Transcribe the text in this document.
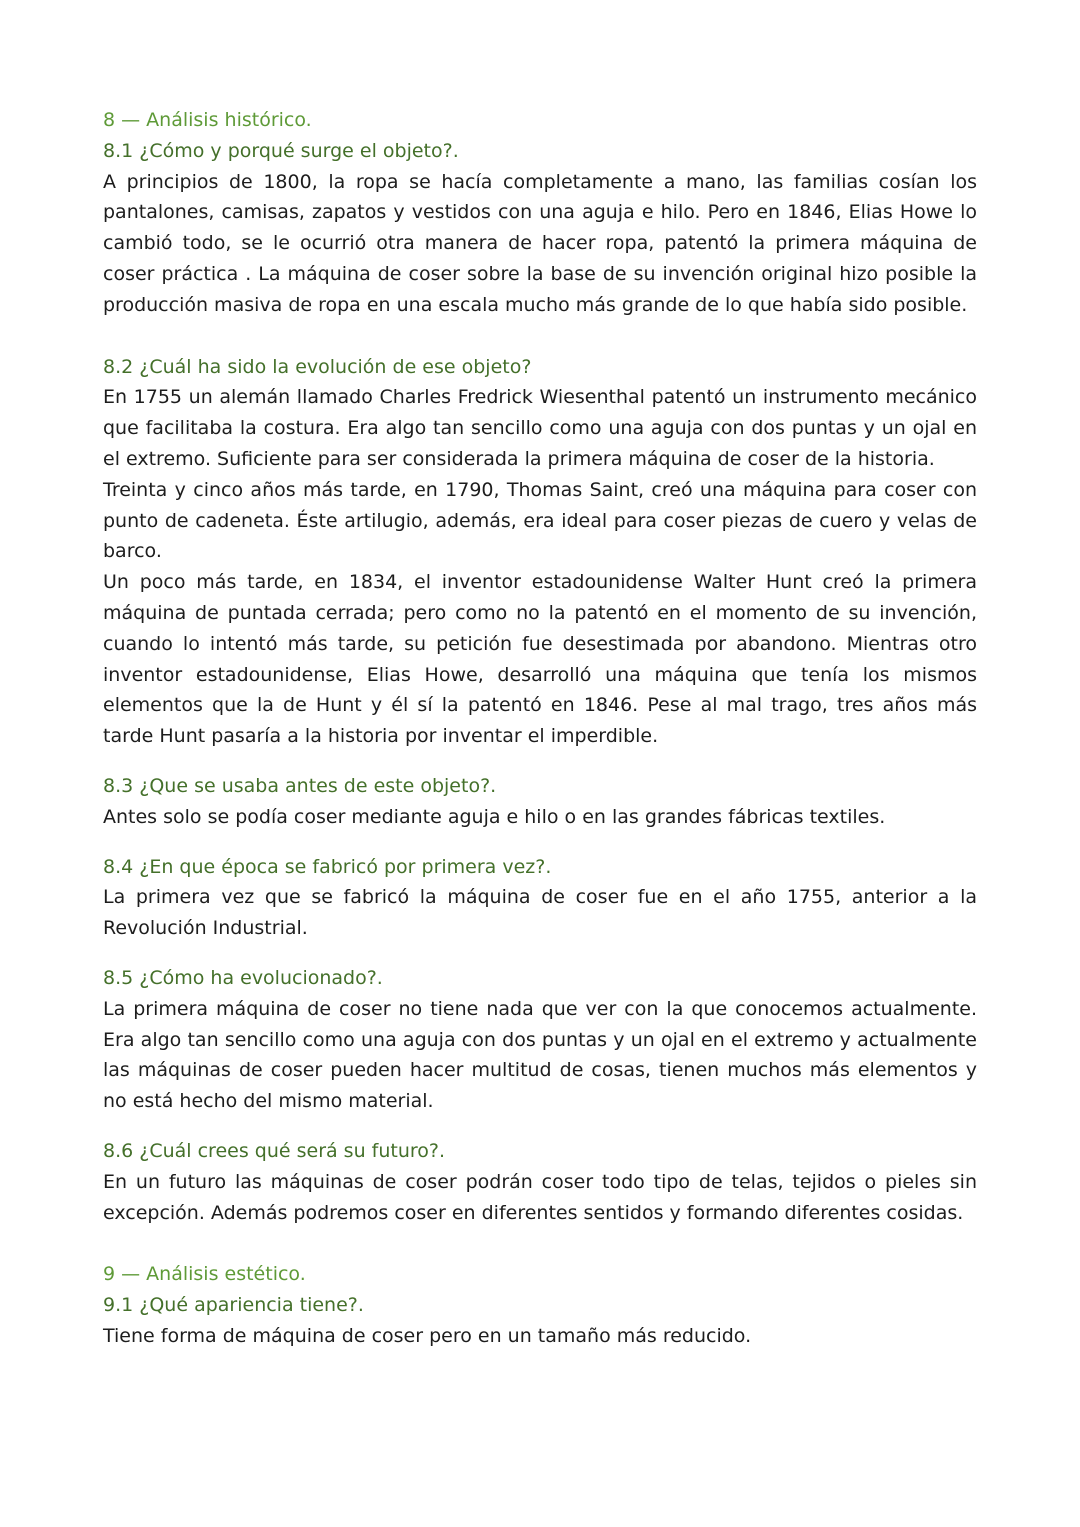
8 — Análisis histórico.

8.1 ¿Cómo y porqué surge el objeto?.

A principios de 1800, la ropa se hacía completamente a mano, las familias cosían los pantalones, camisas, zapatos y vestidos con una aguja e hilo. Pero en 1846, Elias Howe lo cambió todo, se le ocurrió otra manera de hacer ropa, patentó la primera máquina de coser práctica . La máquina de coser sobre la base de su invención original hizo posible la producción masiva de ropa en una escala mucho más grande de lo que había sido posible.

8.2 ¿Cuál ha sido la evolución de ese objeto?

En 1755 un alemán llamado Charles Fredrick Wiesenthal patentó un instrumento mecánico que facilitaba la costura. Era algo tan sencillo como una aguja con dos puntas y un ojal en el extremo. Suficiente para ser considerada la primera máquina de coser de la historia.

Treinta y cinco años más tarde, en 1790, Thomas Saint, creó una máquina para coser con punto de cadeneta. Éste artilugio, además, era ideal para coser piezas de cuero y velas de barco.

Un poco más tarde, en 1834, el inventor estadounidense Walter Hunt creó la primera máquina de puntada cerrada; pero como no la patentó en el momento de su invención, cuando lo intentó más tarde, su petición fue desestimada por abandono. Mientras otro inventor estadounidense, Elias Howe, desarrolló una máquina que tenía los mismos elementos que la de Hunt y él sí la patentó en 1846. Pese al mal trago, tres años más tarde Hunt pasaría a la historia por inventar el imperdible.

8.3 ¿Que se usaba antes de este objeto?.

Antes solo se podía coser mediante aguja e hilo o en las grandes fábricas textiles.

8.4 ¿En que época se fabricó por primera vez?.

La primera vez que se fabricó la máquina de coser fue en el año 1755, anterior a la Revolución Industrial.

8.5 ¿Cómo ha evolucionado?.

La primera máquina de coser no tiene nada que ver con la que conocemos actualmente. Era algo tan sencillo como una aguja con dos puntas y un ojal en el extremo y actualmente las máquinas de coser pueden hacer multitud de cosas, tienen muchos más elementos y no está hecho del mismo material.

8.6 ¿Cuál crees qué será su futuro?.

En un futuro las máquinas de coser podrán coser todo tipo de telas, tejidos o pieles sin excepción. Además podremos coser en diferentes sentidos y formando diferentes cosidas.

9 — Análisis estético.

9.1 ¿Qué apariencia tiene?.

Tiene forma de máquina de coser pero en un tamaño más reducido.
